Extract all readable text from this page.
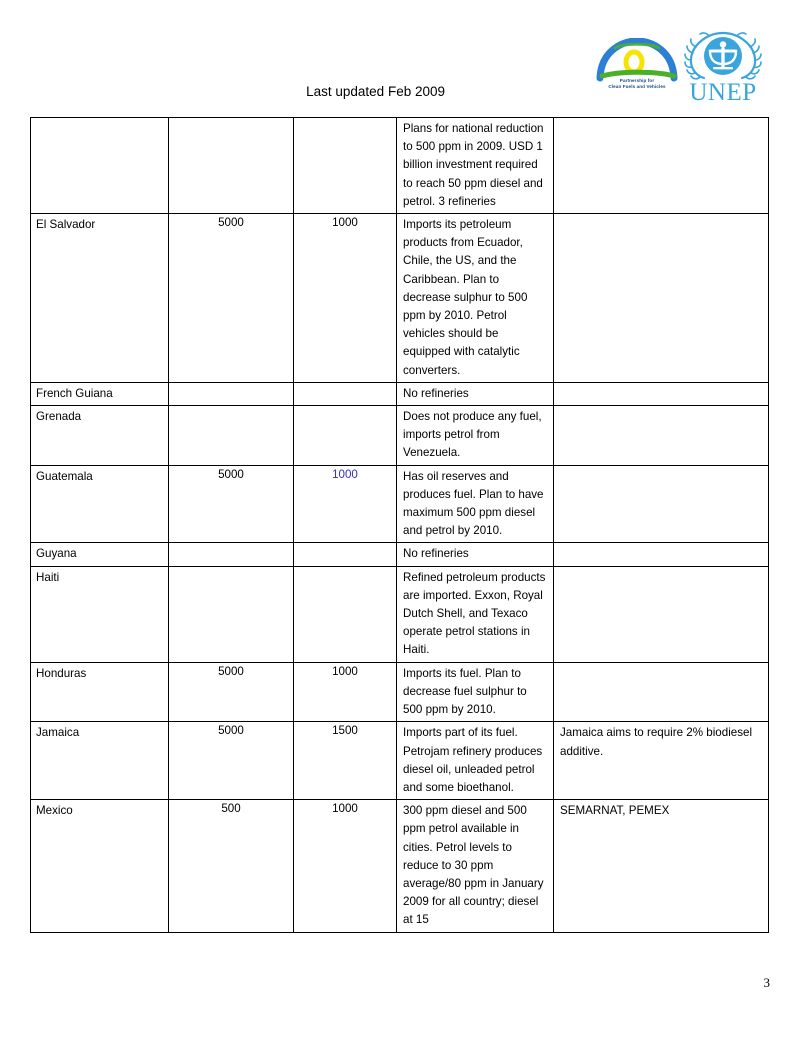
Last updated Feb 2009
Partnership for
Clean Fuels and Vehicles UNEP

			Plans for national reduction to 500 ppm in 2009. USD 1 billion investment required to reach 50 ppm diesel and petrol. 3 refineries	

El Salvador	5000	1000	Imports its petroleum products from Ecuador, Chile, the US, and the Caribbean. Plan to decrease sulphur to 500 ppm by 2010. Petrol vehicles should be equipped with catalytic converters.	

French Guiana			No refineries	

Grenada			Does not produce any fuel, imports petrol from Venezuela.	

Guatemala	5000	1000	Has oil reserves and produces fuel. Plan to have maximum 500 ppm diesel and petrol by 2010.	

Guyana			No refineries	

Haiti			Refined petroleum products are imported. Exxon, Royal Dutch Shell, and Texaco operate petrol stations in Haiti.	

Honduras	5000	1000	Imports its fuel. Plan to decrease fuel sulphur to 500 ppm by 2010.	

Jamaica	5000	1500	Imports part of its fuel. Petrojam refinery produces diesel oil, unleaded petrol and some bioethanol.	Jamaica aims to require 2% biodiesel additive.

Mexico	500	1000	300 ppm diesel and 500 ppm petrol available in cities. Petrol levels to reduce to 30 ppm average/80 ppm in January 2009 for all country; diesel at 15	SEMARNAT, PEMEX
3
